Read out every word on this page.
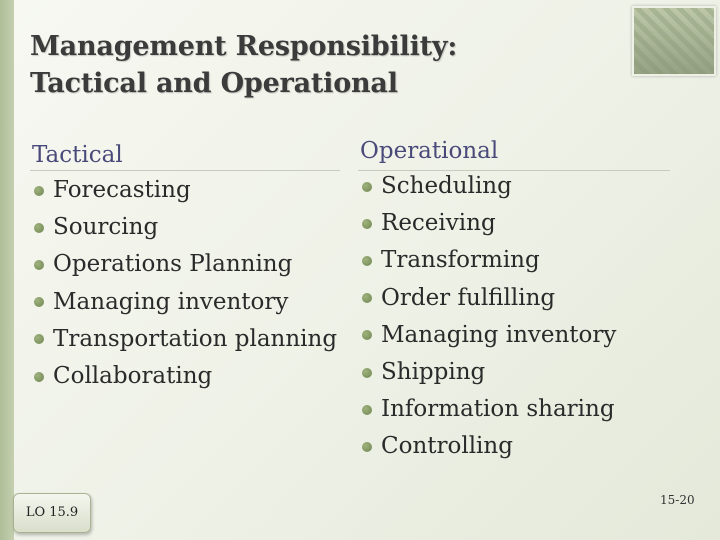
Management Responsibility:
Tactical and Operational
Tactical
Forecasting
Sourcing
Operations Planning
Managing inventory
Transportation planning
Collaborating
Operational
Scheduling
Receiving
Transforming
Order fulfilling
Managing inventory
Shipping
Information sharing
Controlling
LO 15.9
15-20
